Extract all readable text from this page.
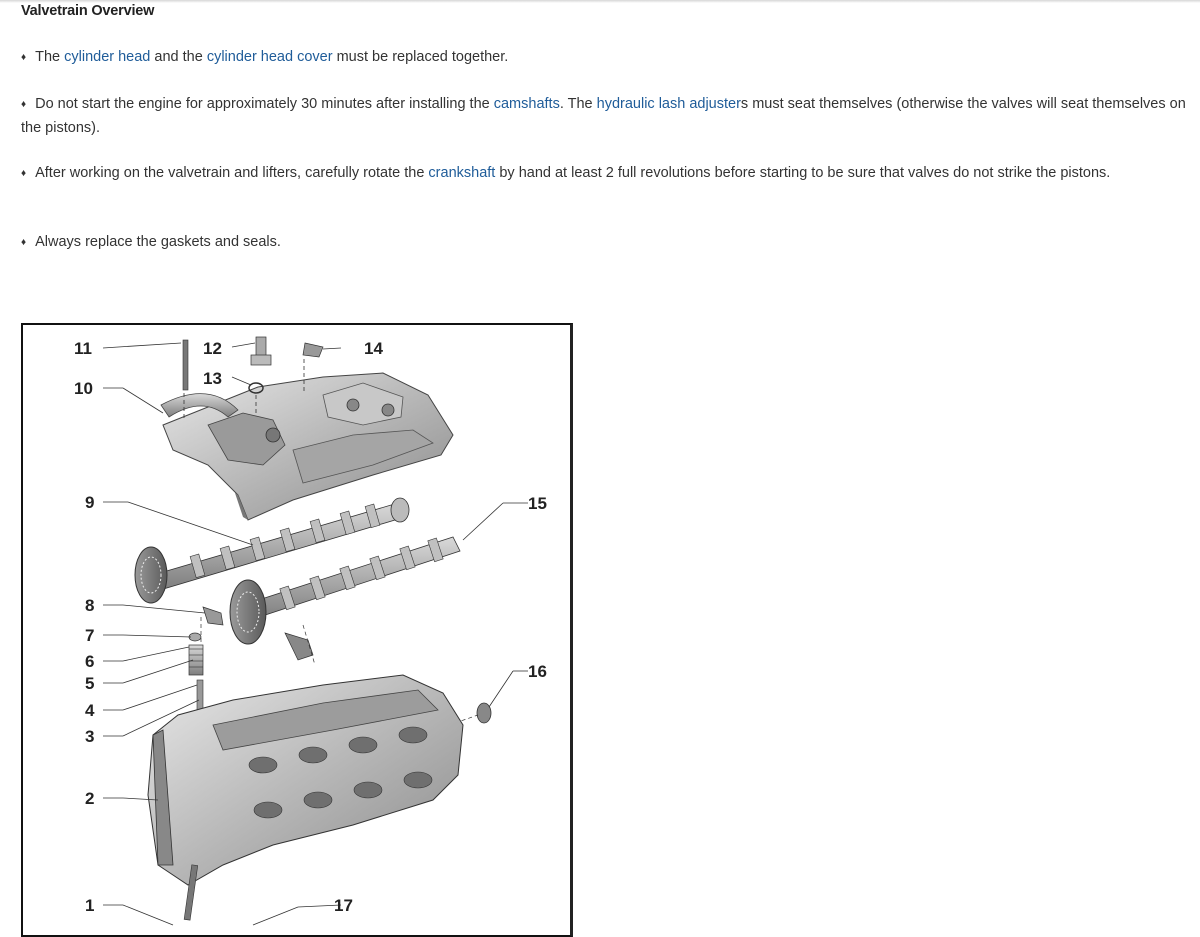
Valvetrain Overview
♦ The cylinder head and the cylinder head cover must be replaced together.
♦ Do not start the engine for approximately 30 minutes after installing the camshafts. The hydraulic lash adjusters must seat themselves (otherwise the valves will seat themselves on the pistons).
♦ After working on the valvetrain and lifters, carefully rotate the crankshaft by hand at least 2 full revolutions before starting to be sure that valves do not strike the pistons.
♦ Always replace the gaskets and seals.
1
2
3
4
5
6
7
8
9
10
11	12
13
14
15
16
17
